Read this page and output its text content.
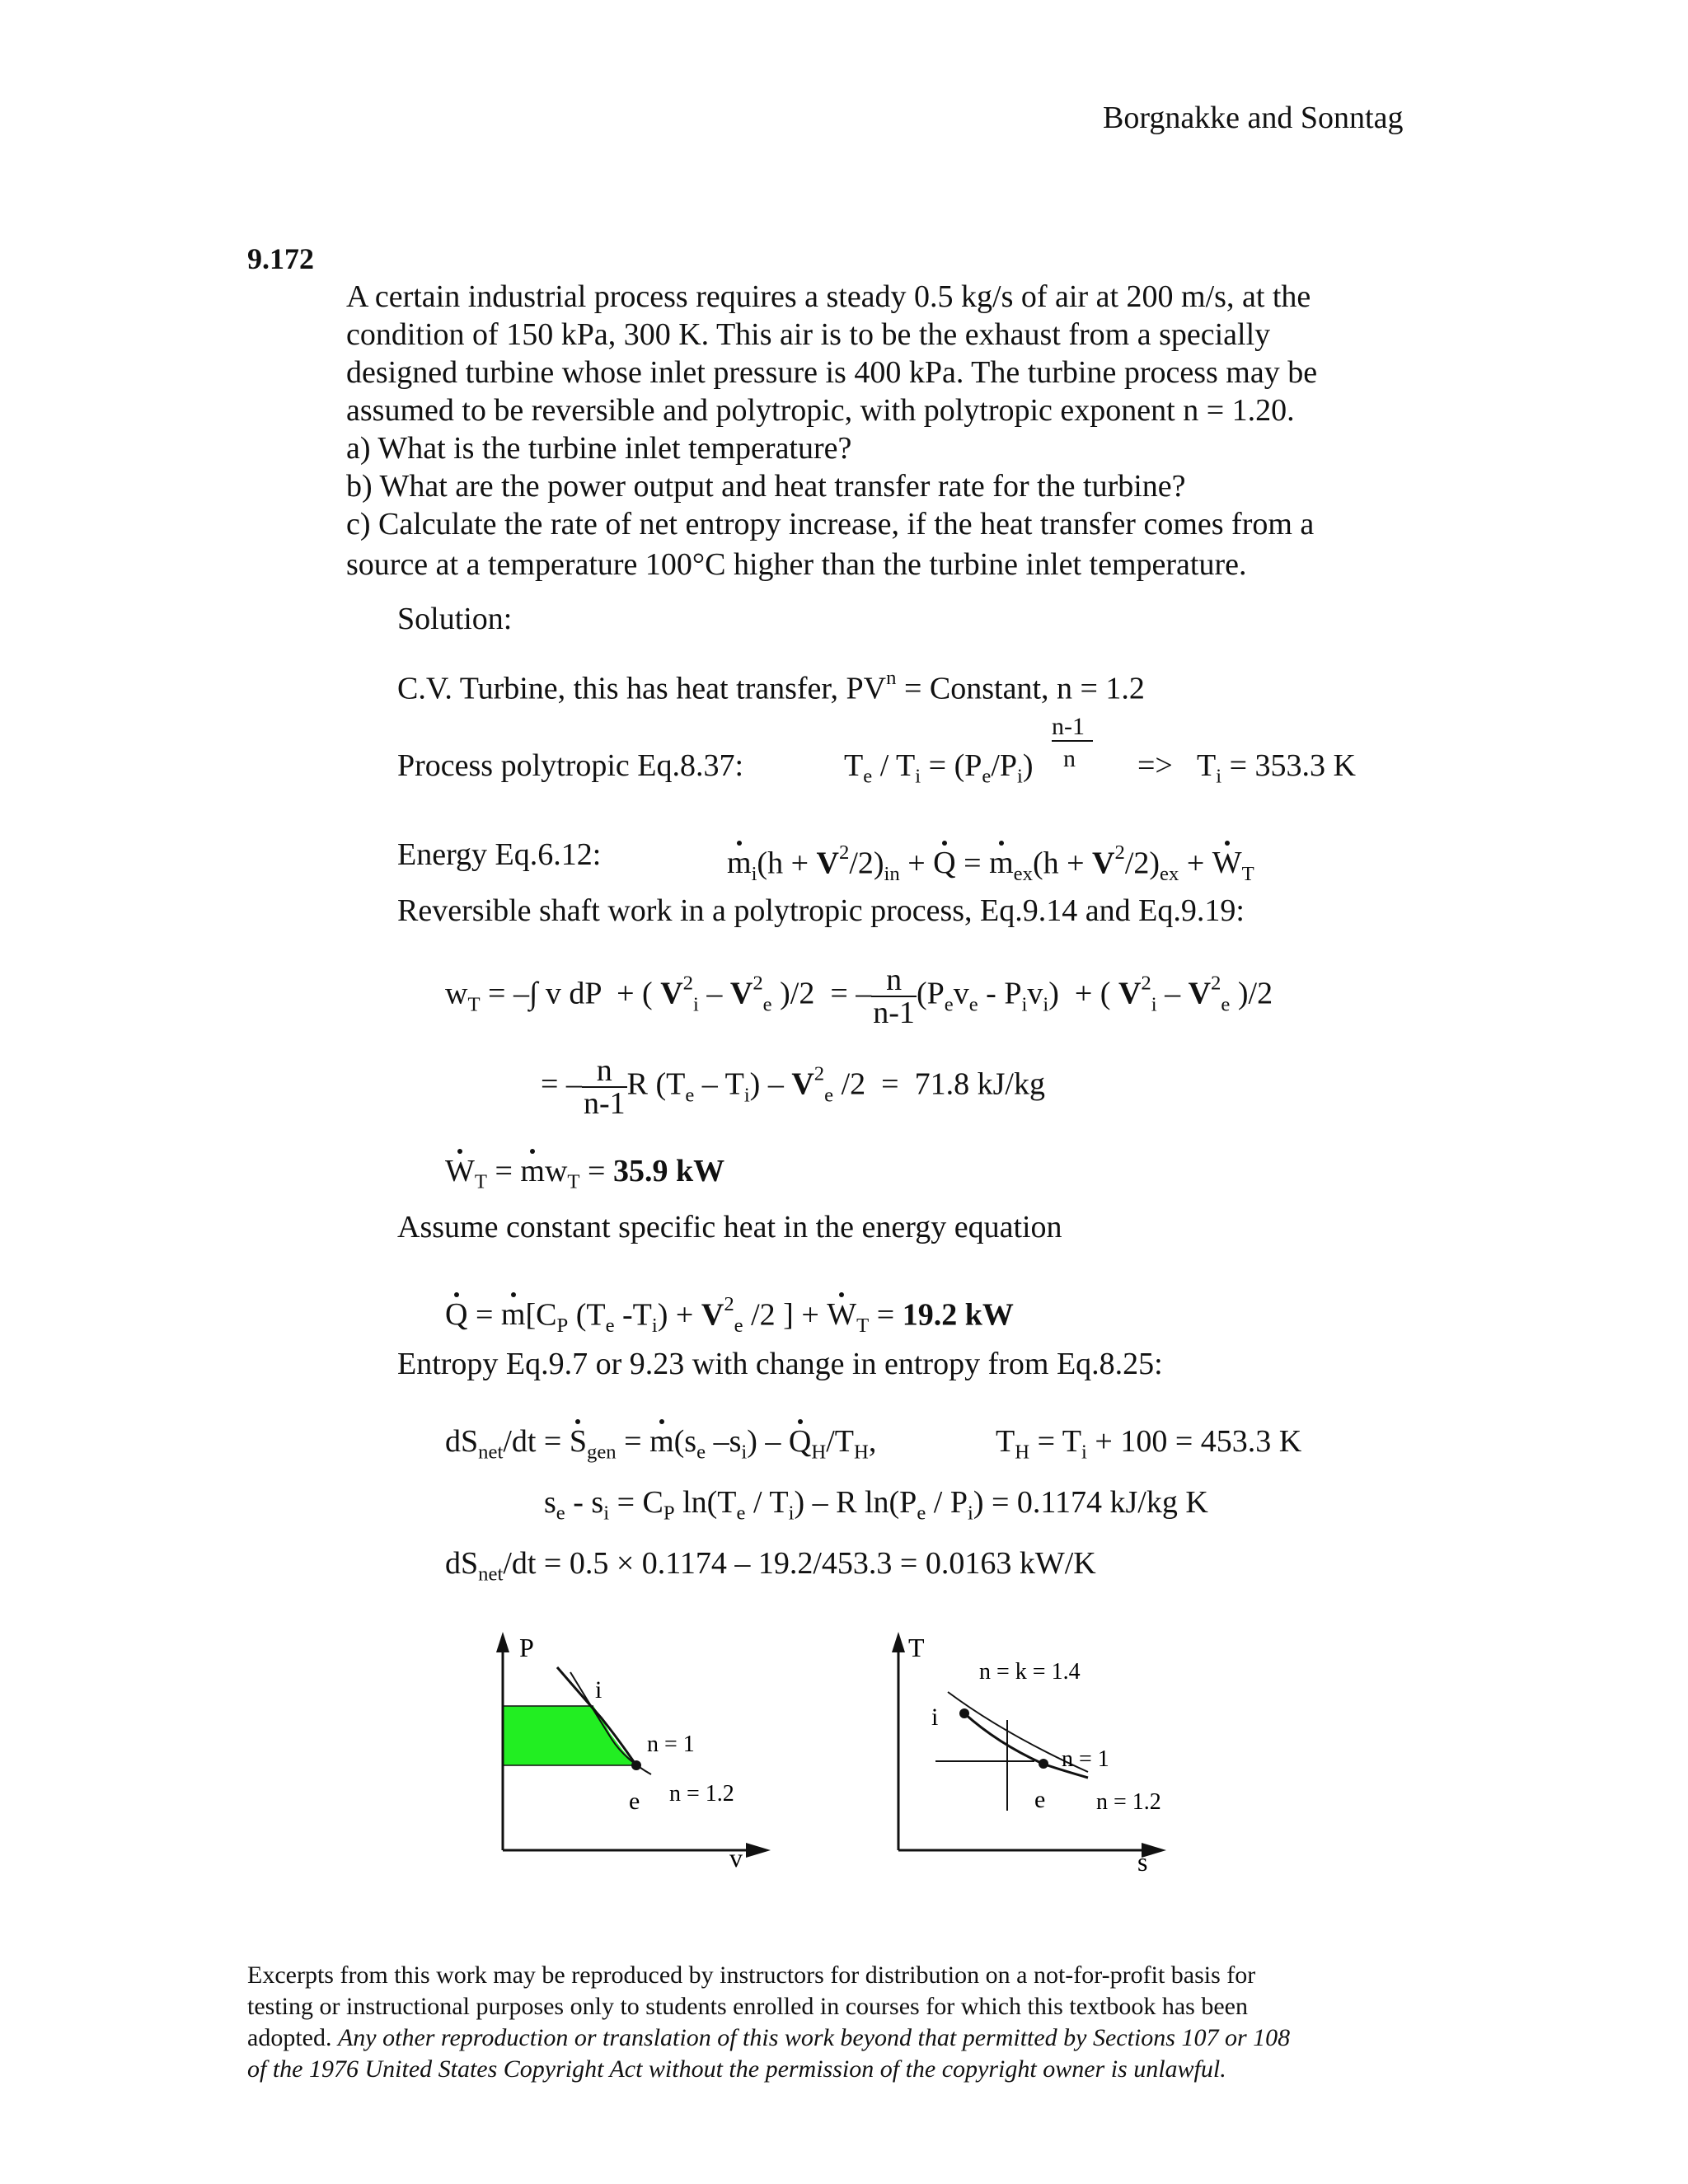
Borgnakke and Sonntag
9.172

A certain industrial process requires a steady 0.5 kg/s of air at 200 m/s, at the

condition of 150 kPa, 300 K. This air is to be the exhaust from a specially

designed turbine whose inlet pressure is 400 kPa. The turbine process may be

assumed to be reversible and polytropic, with polytropic exponent n = 1.20.

a) What is the turbine inlet temperature?

b) What are the power output and heat transfer rate for the turbine?

c) Calculate the rate of net entropy increase, if the heat transfer comes from a

source at a temperature 100°C higher than the turbine inlet temperature.

Solution:
C.V. Turbine, this has heat transfer, $PV^n$ = Constant, n = 1.2
Process polytropic Eq.8.37:
n-1
$T_e / T_i = (P_e/P_i) n => T_i = 353.3$ K
Energy Eq.6.12:	$m_i(h + V^2/2)_{in} + Q = m_{ex}(h + V^2/2)_{ex} + W_T$
Reversible shaft work in a polytropic process, Eq.9.14 and Eq.9.19:
$w_T$ = –∫ v dP  + ( $V^2_i - V^2_e$ )/2  = – $\frac{n}{n-1} (P_ev_e - P_iv_i)$  + ( $V^2_i - V^2_e$ )/2
= – $\frac{n}{n-1}$ R $(T_e - T_i) - V^2_e$ /2  =  71.8 kJ/kg
$W_T = mw_T = 35.9$ kW
Assume constant specific heat in the energy equation
$Q = m[C_P$ ($T_e$ $-T_i) + V^2_e$ /2 ] + $W_T = 19.2$ kW
Entropy Eq.9.7 or 9.23 with change in entropy from Eq.8.25:
$dS_{net}/dt = S_{gen} = m(s_e$ $-s_i) - Q_H/T_H$,	$T_H = T_i + 100 = 453.3$ K
$s_e - s_i = C_P$ $\ln(T_e / T_i)$ – R $\ln(P_e / P_i) = 0.1174$ kJ/kg K
$dS_{net}/dt = 0.5 \times 0.1174 - 19.2/453.3 = 0.0163$ kW/K
P
v
i
e
n = 1
n = 1.2
T
s
i
e
n = k = 1.4
n = 1
n = 1.2
Excerpts from this work may be reproduced by instructors for distribution on a not-for-profit basis for
testing or instructional purposes only to students enrolled in courses for which this textbook has been
adopted. Any other reproduction or translation of this work beyond that permitted by Sections 107 or 108
of the 1976 United States Copyright Act without the permission of the copyright owner is unlawful.
